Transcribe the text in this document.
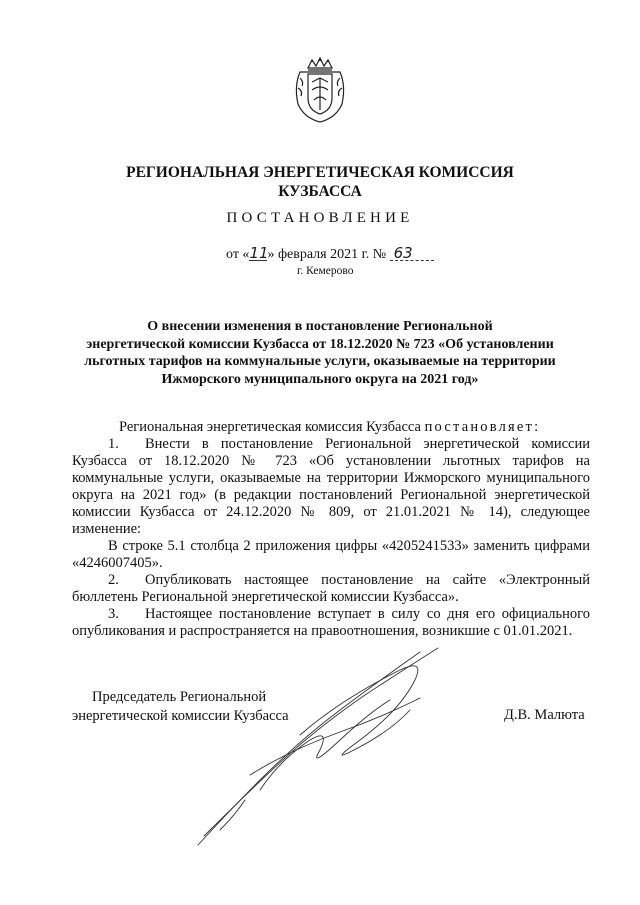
РЕГИОНАЛЬНАЯ ЭНЕРГЕТИЧЕСКАЯ КОМИССИЯ
КУЗБАССА
ПОСТАНОВЛЕНИЕ
от «11» февраля 2021 г. № 63
г. Кемерово
О внесении изменения в постановление Региональной
энергетической комиссии Кузбасса от 18.12.2020 № 723 «Об установлении
льготных тарифов на коммунальные услуги, оказываемые на территории
Ижморского муниципального округа на 2021 год»

Региональная энергетическая комиссия Кузбасса постановляет:

1. Внести в постановление Региональной энергетической комиссии Кузбасса от 18.12.2020 № 723 «Об установлении льготных тарифов на коммунальные услуги, оказываемые на территории Ижморского муниципального округа на 2021 год» (в редакции постановлений Региональной энергетической комиссии Кузбасса от 24.12.2020 № 809, от 21.01.2021 № 14), следующее изменение:

В строке 5.1 столбца 2 приложения цифры «4205241533» заменить цифрами «4246007405».

2. Опубликовать настоящее постановление на сайте «Электронный бюллетень Региональной энергетической комиссии Кузбасса».

3. Настоящее постановление вступает в силу со дня его официального опубликования и распространяется на правоотношения, возникшие с 01.01.2021.

Председатель Региональной
энергетической комиссии Кузбасса	Д.В. Малюта
